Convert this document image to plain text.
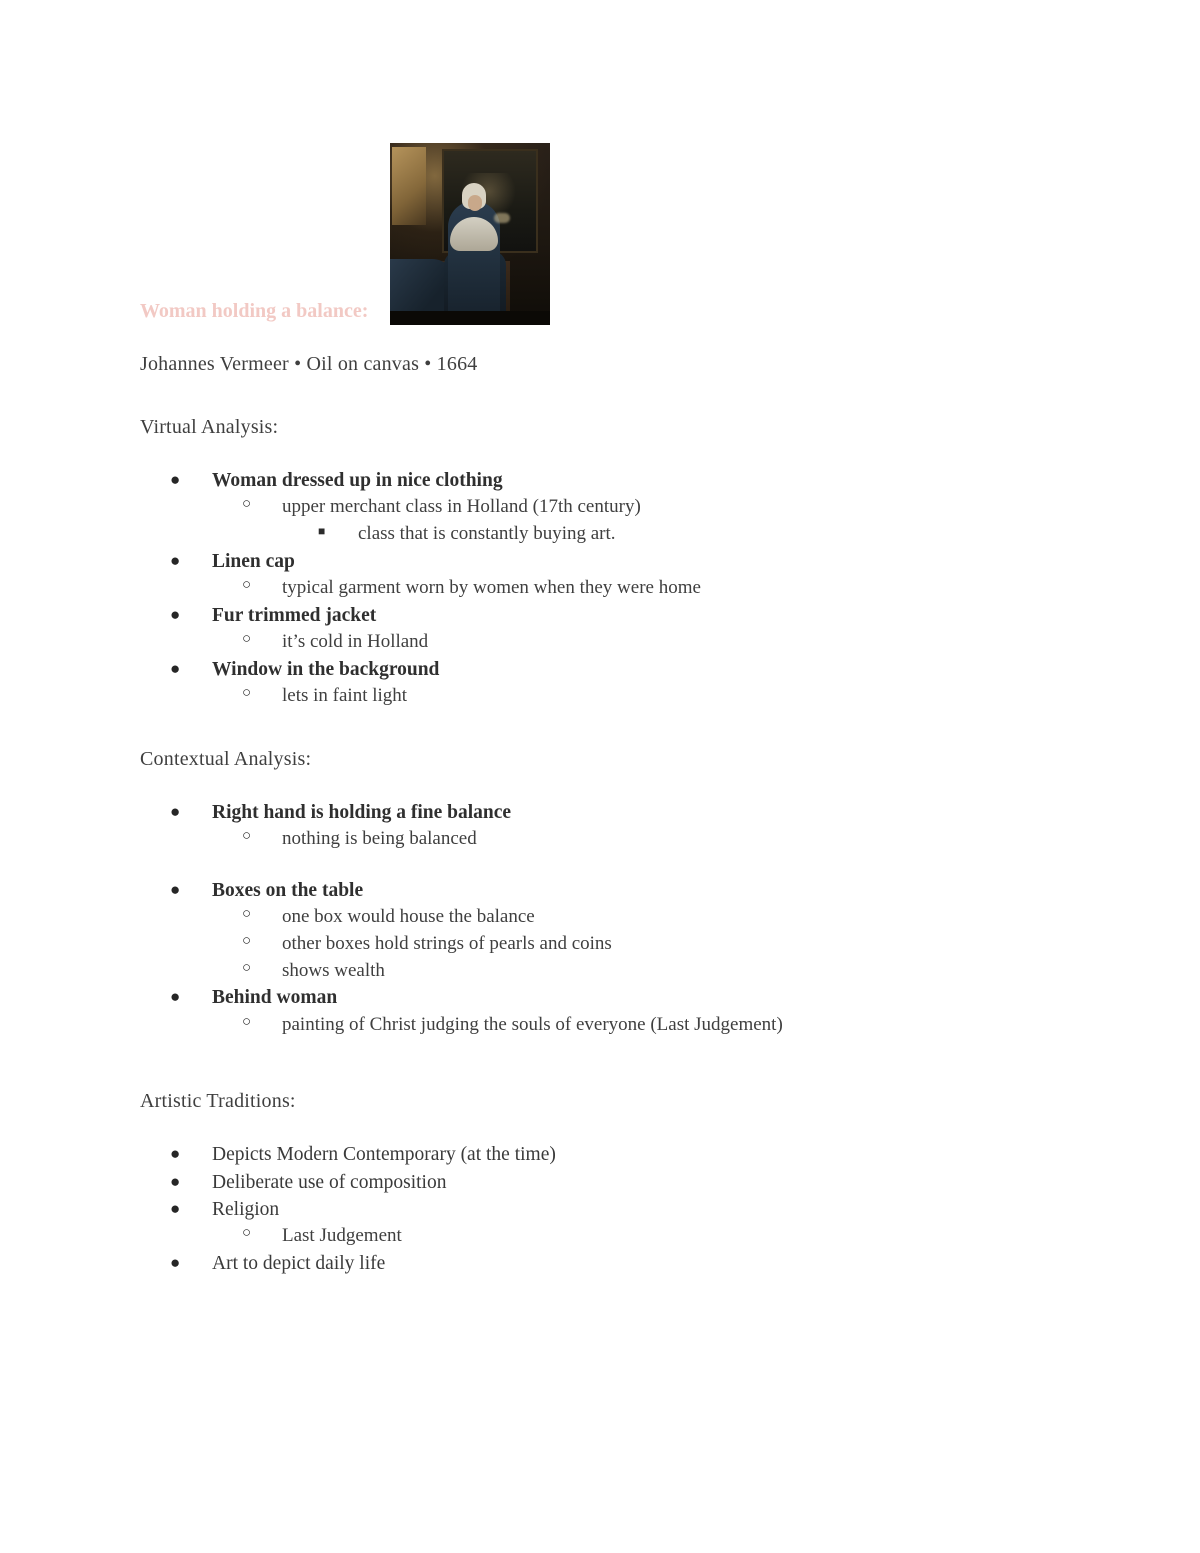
Woman holding a balance:

Johannes Vermeer • Oil on canvas • 1664

Virtual Analysis:

● Woman dressed up in nice clothing
○ upper merchant class in Holland (17th century)
■ class that is constantly buying art.
● Linen cap
○ typical garment worn by women when they were home
● Fur trimmed jacket
○ it’s cold in Holland
● Window in the background
○ lets in faint light

Contextual Analysis:

● Right hand is holding a fine balance
○ nothing is being balanced
● Boxes on the table
○ one box would house the balance
○ other boxes hold strings of pearls and coins
○ shows wealth
● Behind woman
○ painting of Christ judging the souls of everyone (Last Judgement)

Artistic Traditions:

● Depicts Modern Contemporary (at the time)
● Deliberate use of composition
● Religion
○ Last Judgement
● Art to depict daily life
